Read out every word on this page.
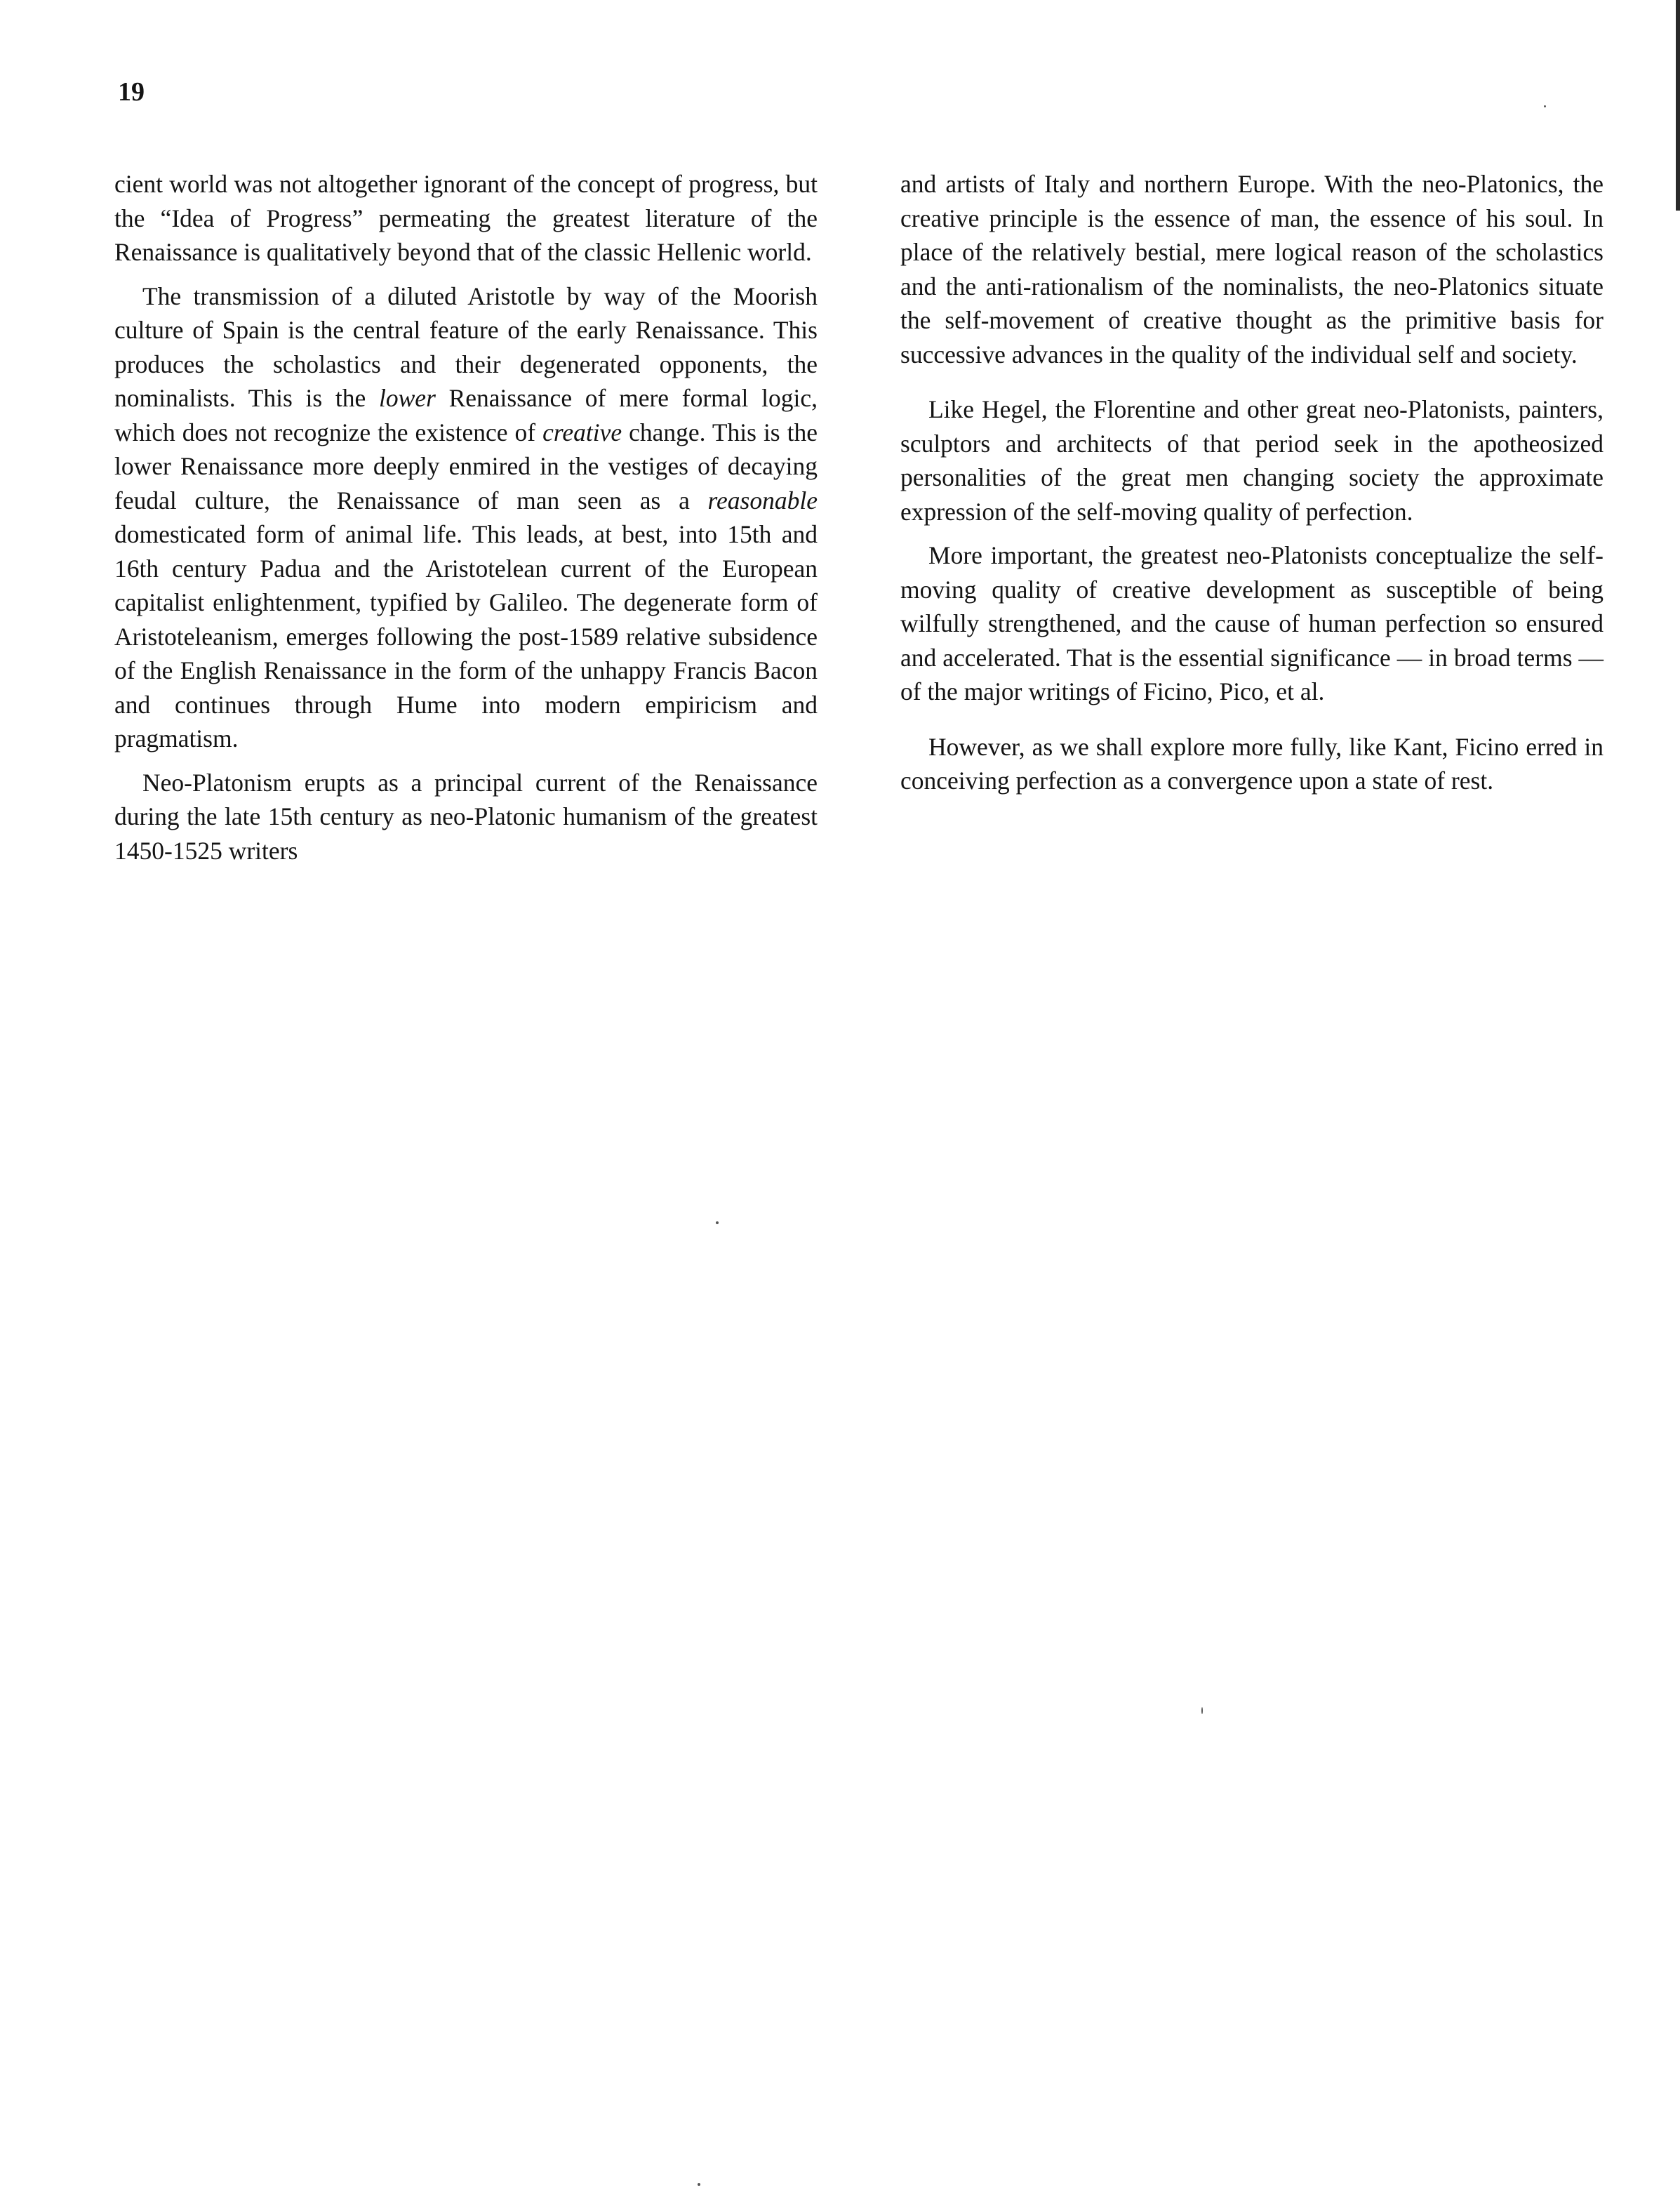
19

cient world was not altogether ignorant of the concept of progress, but the “Idea of Progress” permeating the greatest literature of the Renaissance is qualitatively beyond that of the classic Hellenic world.

The transmission of a diluted Aristotle by way of the Moorish culture of Spain is the central feature of the early Renaissance. This produces the scholastics and their degenerated opponents, the nominalists. This is the lower Renaissance of mere formal logic, which does not recognize the existence of creative change. This is the lower Renaissance more deeply enmired in the vestiges of decaying feudal culture, the Renaissance of man seen as a reasonable domesticated form of animal life. This leads, at best, into 15th and 16th century Padua and the Aristotelean current of the European capitalist enlightenment, typified by Galileo. The degenerate form of Aristoteleanism, emerges following the post-1589 relative subsidence of the English Renaissance in the form of the unhappy Francis Bacon and continues through Hume into modern empiricism and pragmatism.

Neo-Platonism erupts as a principal current of the Renaissance during the late 15th century as neo-Platonic humanism of the greatest 1450-1525 writers

and artists of Italy and northern Europe. With the neo-Platonics, the creative principle is the essence of man, the essence of his soul. In place of the relatively bestial, mere logical reason of the scholastics and the anti-rationalism of the nominalists, the neo-Platonics situate the self-movement of creative thought as the primitive basis for successive advances in the quality of the individual self and society.

Like Hegel, the Florentine and other great neo-Platonists, painters, sculptors and architects of that period seek in the apotheosized personalities of the great men changing society the approximate expression of the self-moving quality of perfection.

More important, the greatest neo-Platonists conceptualize the self-moving quality of creative development as susceptible of being wilfully strengthened, and the cause of human perfection so ensured and accelerated. That is the essential significance — in broad terms — of the major writings of Ficino, Pico, et al.

However, as we shall explore more fully, like Kant, Ficino erred in conceiving perfection as a convergence upon a state of rest.
